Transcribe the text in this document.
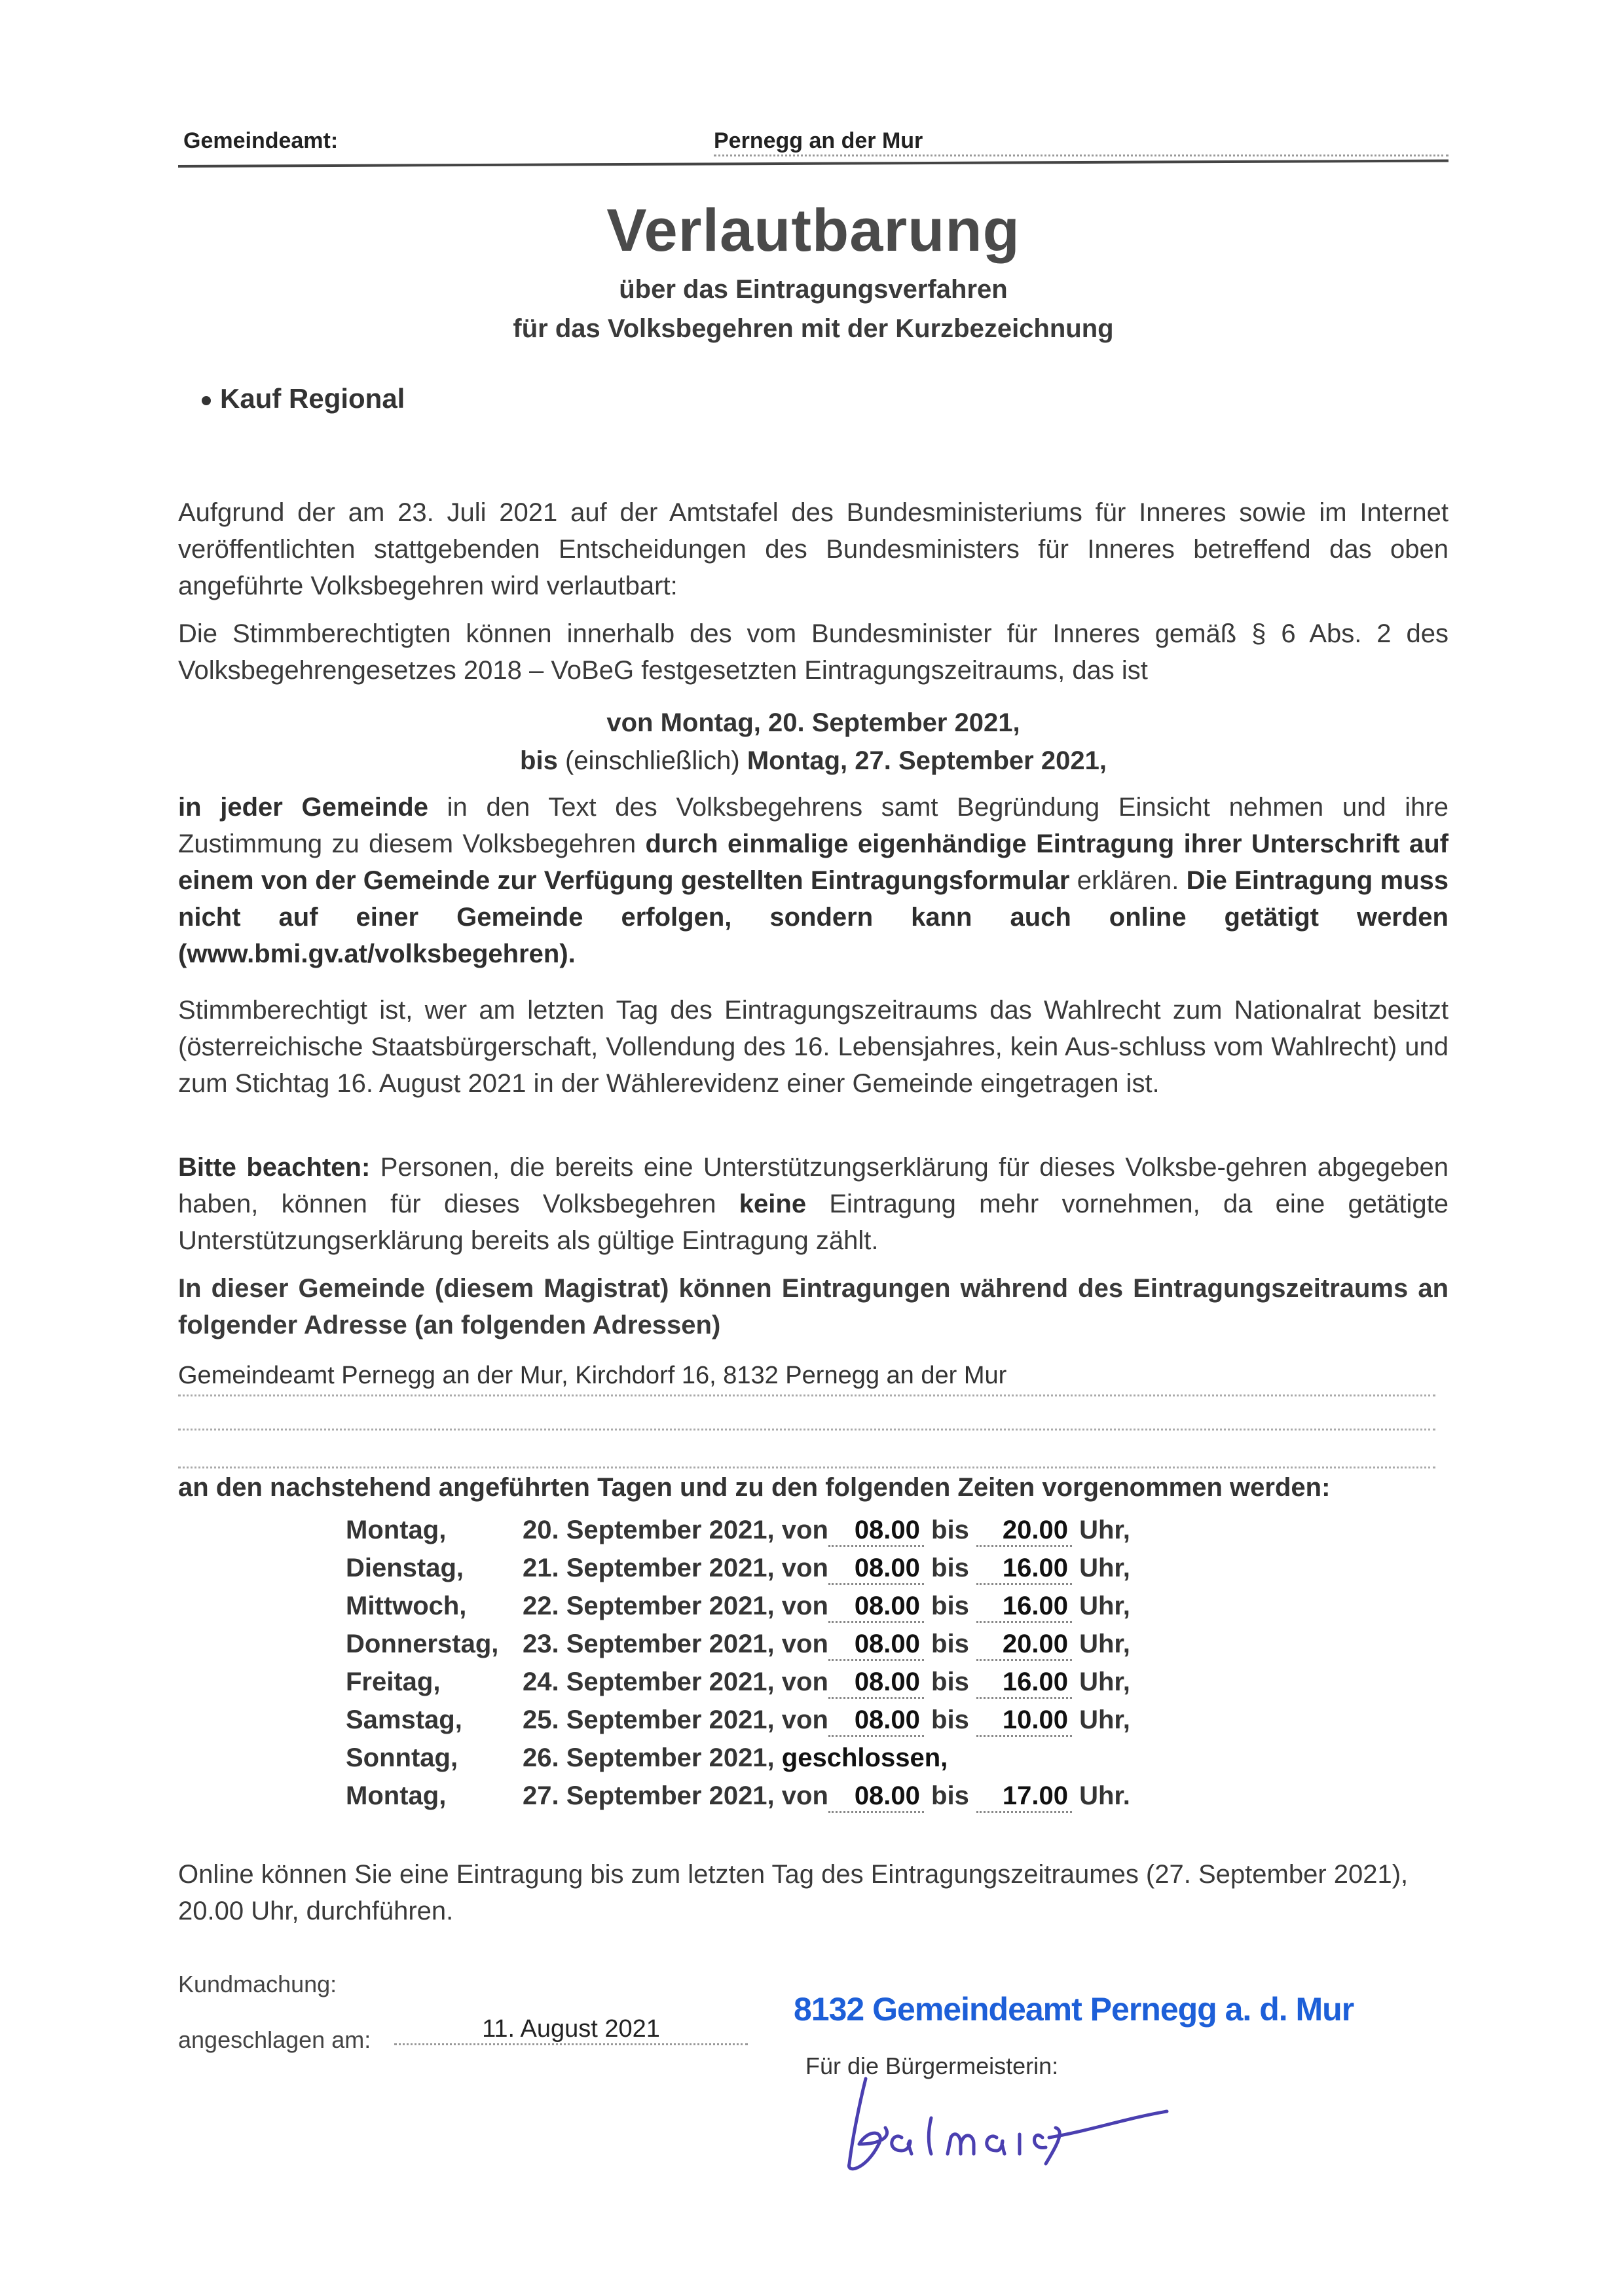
Gemeindeamt:	Pernegg an der Mur
Verlautbarung
über das Eintragungsverfahren
für das Volksbegehren mit der Kurzbezeichnung
Kauf Regional
Aufgrund der am 23. Juli 2021 auf der Amtstafel des Bundesministeriums für Inneres sowie im Internet veröffentlichten stattgebenden Entscheidungen des Bundesministers für Inneres betreffend das oben angeführte Volksbegehren wird verlautbart:
Die Stimmberechtigten können innerhalb des vom Bundesminister für Inneres gemäß § 6 Abs. 2 des Volksbegehrengesetzes 2018 – VoBeG festgesetzten Eintragungszeitraums, das ist
von Montag, 20. September 2021,
bis (einschließlich) Montag, 27. September 2021,
in jeder Gemeinde in den Text des Volksbegehrens samt Begründung Einsicht nehmen und ihre Zustimmung zu diesem Volksbegehren durch einmalige eigenhändige Eintragung ihrer Unterschrift auf einem von der Gemeinde zur Verfügung gestellten Eintragungsformular erklären. Die Eintragung muss nicht auf einer Gemeinde erfolgen, sondern kann auch online getätigt werden (www.bmi.gv.at/volksbegehren).
Stimmberechtigt ist, wer am letzten Tag des Eintragungszeitraums das Wahlrecht zum Nationalrat besitzt (österreichische Staatsbürgerschaft, Vollendung des 16. Lebensjahres, kein Aus-schluss vom Wahlrecht) und zum Stichtag 16. August 2021 in der Wählerevidenz einer Gemeinde eingetragen ist.
Bitte beachten: Personen, die bereits eine Unterstützungserklärung für dieses Volksbe-gehren abgegeben haben, können für dieses Volksbegehren keine Eintragung mehr vornehmen, da eine getätigte Unterstützungserklärung bereits als gültige Eintragung zählt.
In dieser Gemeinde (diesem Magistrat) können Eintragungen während des Eintragungszeitraums an folgender Adresse (an folgenden Adressen)
Gemeindeamt Pernegg an der Mur, Kirchdorf 16, 8132 Pernegg an der Mur
an den nachstehend angeführten Tagen und zu den folgenden Zeiten vorgenommen werden:
Montag,	20. September 2021, von 08.00 bis 20.00 Uhr,
Dienstag,	21. September 2021, von 08.00 bis 16.00 Uhr,
Mittwoch,	22. September 2021, von 08.00 bis 16.00 Uhr,
Donnerstag, 23. September 2021, von 08.00 bis 20.00 Uhr,
Freitag,	24. September 2021, von 08.00 bis 16.00 Uhr,
Samstag,	25. September 2021, von 08.00 bis 10.00 Uhr,
Sonntag,	26. September 2021, geschlossen,
Montag,	27. September 2021, von 08.00 bis 17.00 Uhr.
Online können Sie eine Eintragung bis zum letzten Tag des Eintragungszeitraumes (27. September 2021), 20.00 Uhr, durchführen.
Kundmachung:
angeschlagen am:	11. August 2021
8132 Gemeindeamt Pernegg a. d. Mur
Für die Bürgermeisterin:
